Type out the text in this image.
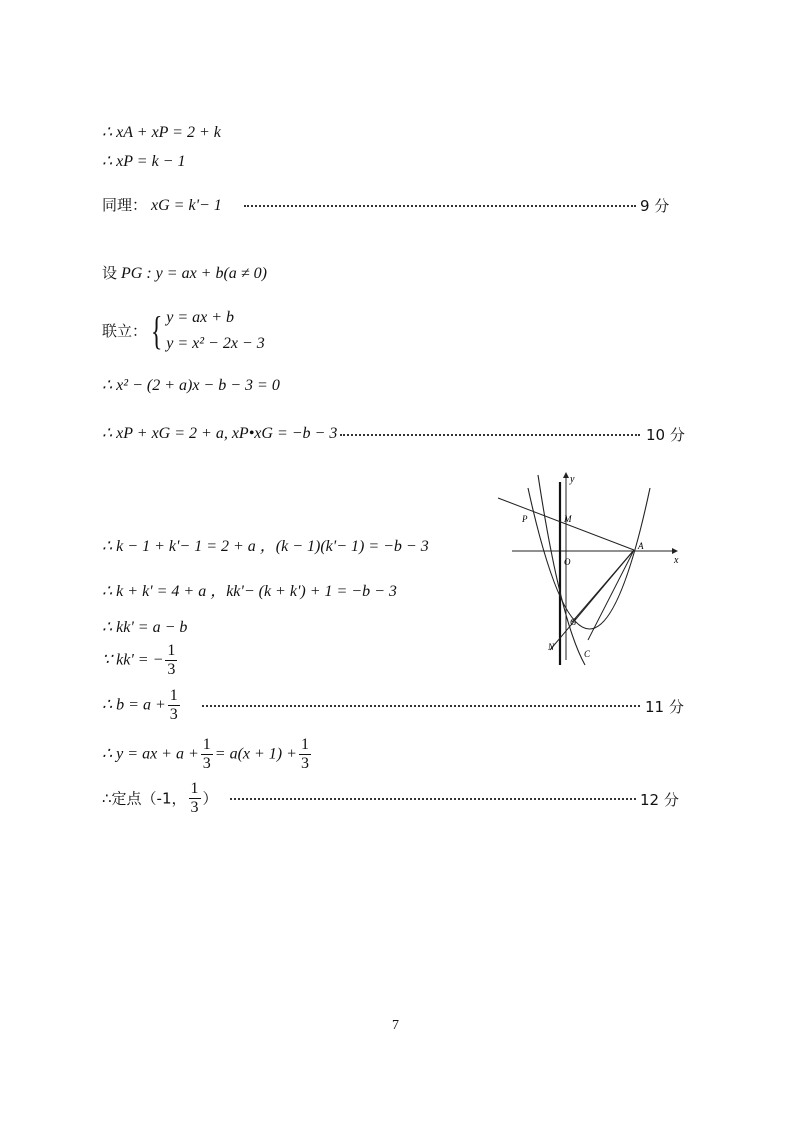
∴ xA + xP = 2 + k
∴ xP = k − 1
同理： xG = k'− 1	9 分
设 PG : y = ax + b(a ≠ 0)
联立：{ y = ax + b
y = x² − 2x − 3
∴ x² − (2 + a)x − b − 3 = 0
∴ xP + xG = 2 + a, xP•xG = −b − 3	10 分
∴ k − 1 + k'− 1 = 2 + a ，(k − 1)(k'− 1) = −b − 3
∴ k + k' = 4 + a ，kk'− (k + k') + 1 = −b − 3
∴ kk' = a − b
∵ kk' = − $\frac{1}{3}$
∴ $b = a + \frac{1}{3}$	11 分
∴ y = ax + $a + \frac{1}{3} = a(x + 1) + \frac{1}{3}$
∴定点（-1， $\frac{1}{3}$ ）	12 分
x
y
P	M
A
O
G
N
C
7
